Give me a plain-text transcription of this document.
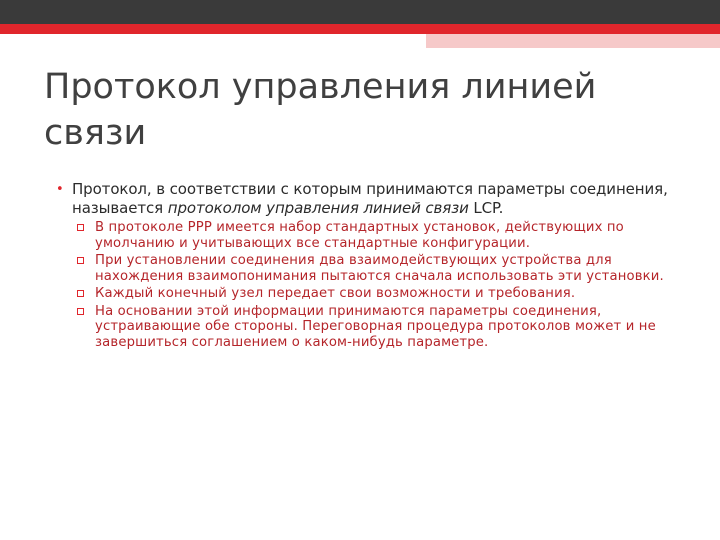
Протокол управления линией связи
• Протокол, в соответствии с которым принимаются параметры соединения, называется протоколом управления линией связи LCP.
В протоколе PPP имеется набор стандартных установок, действующих по умолчанию и учитывающих все стандартные конфигурации.
При установлении соединения два взаимодействующих устройства для нахождения взаимопонимания пытаются сначала использовать эти установки.
Каждый конечный узел передает свои возможности и требования.
На основании этой информации принимаются параметры соединения, устраивающие обе стороны. Переговорная процедура протоколов может и не завершиться соглашением о каком-нибудь параметре.
